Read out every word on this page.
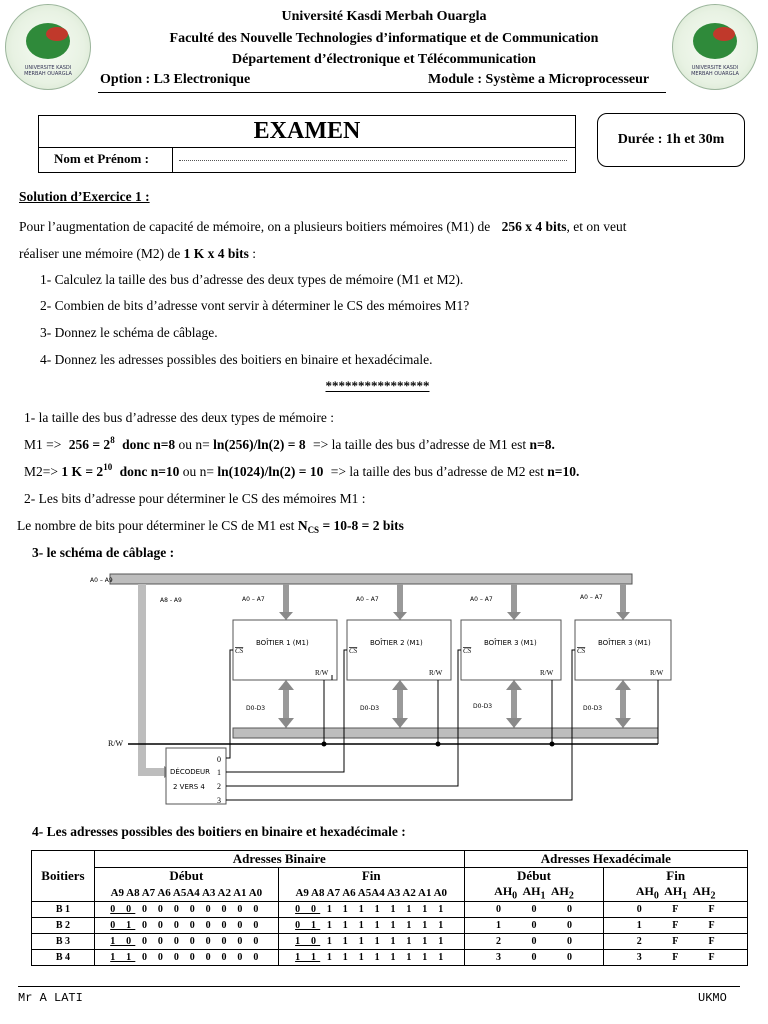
UNIVERSITE KASDI MERBAH OUARGLA
UNIVERSITE KASDI MERBAH OUARGLA
Université Kasdi Merbah Ouargla
Faculté des Nouvelle Technologies d’informatique et de Communication
Département d’électronique et Télécommunication
Option : L3 Electronique	Module : Système a Microprocesseur
EXAMEN
Nom et Prénom :
Durée : 1h et 30m
Solution d’Exercice 1 :
Pour l’augmentation de capacité de mémoire, on a plusieurs boitiers mémoires (M1) de 256 x 4 bits, et on veut
réaliser une mémoire (M2) de 1 K x 4 bits :
1- Calculez la taille des bus d’adresse des deux types de mémoire (M1 et M2).
2- Combien de bits d’adresse vont servir à déterminer le CS des mémoires M1?
3- Donnez le schéma de câblage.
4- Donnez les adresses possibles des boitiers en binaire et hexadécimale.
****************
1- la taille des bus d’adresse des deux types de mémoire :
$M1 => 256 = 2^8$ donc n=8 ou n= ln(256)/ln(2) = 8 => la taille des bus d’adresse de M1 est n=8.
M2=> 1 $K = 2^{10}$ donc n=10 ou n= ln(1024)/ln(2) = 10 => la taille des bus d’adresse de M2 est n=10.
2- Les bits d’adresse pour déterminer le CS des mémoires M1 :
Le nombre de bits pour déterminer le CS de M1 est $N_{CS} = 10-8 = 2$ bits
3- le schéma de câblage :
A0 – A9
A8 - A9	A0 – A7
BOÎTIER 1 (M1)
CS
R/W
D0-D3
A0 – A7
BOÎTIER 2 (M1)
CS
R/W
D0-D3
A0 – A7
BOÎTIER 3 (M1)
CS
R/W
D0-D3
A0 – A7
BOÎTIER 3 (M1)
CS
R/W
D0-D3
R/W
DÉCODEUR
2 VERS 4
0
1
2
3
4- Les adresses possibles des boitiers en binaire et hexadécimale :
Boitiers	Adresses Binaire		Adresses Hexadécimale	
	Début	Fin	Début	Fin
	A9 A8 A7 A6 A5A4 A3 A2 A1 A0	A9 A8 A7 A6 A5A4 A3 A2 A1 A0	$AH_0$  $AH_1$  $AH_2$	$AH_0$  $AH_1$  $AH_2$
B 1	0 0 0 0 0 0 0 0 0 0	0 0 1 1 1 1 1 1 1 1	0 0 0	0 F F
B 2	0 1 0 0 0 0 0 0 0 0	0 1 1 1 1 1 1 1 1 1	1 0 0	1 F F
B 3	1 0 0 0 0 0 0 0 0 0	1 0 1 1 1 1 1 1 1 1	2 0 0	2 F F
B 4	1 1 0 0 0 0 0 0 0 0	1 1 1 1 1 1 1 1 1 1	3 0 0	3 F F
Mr A LATI	UKMO
